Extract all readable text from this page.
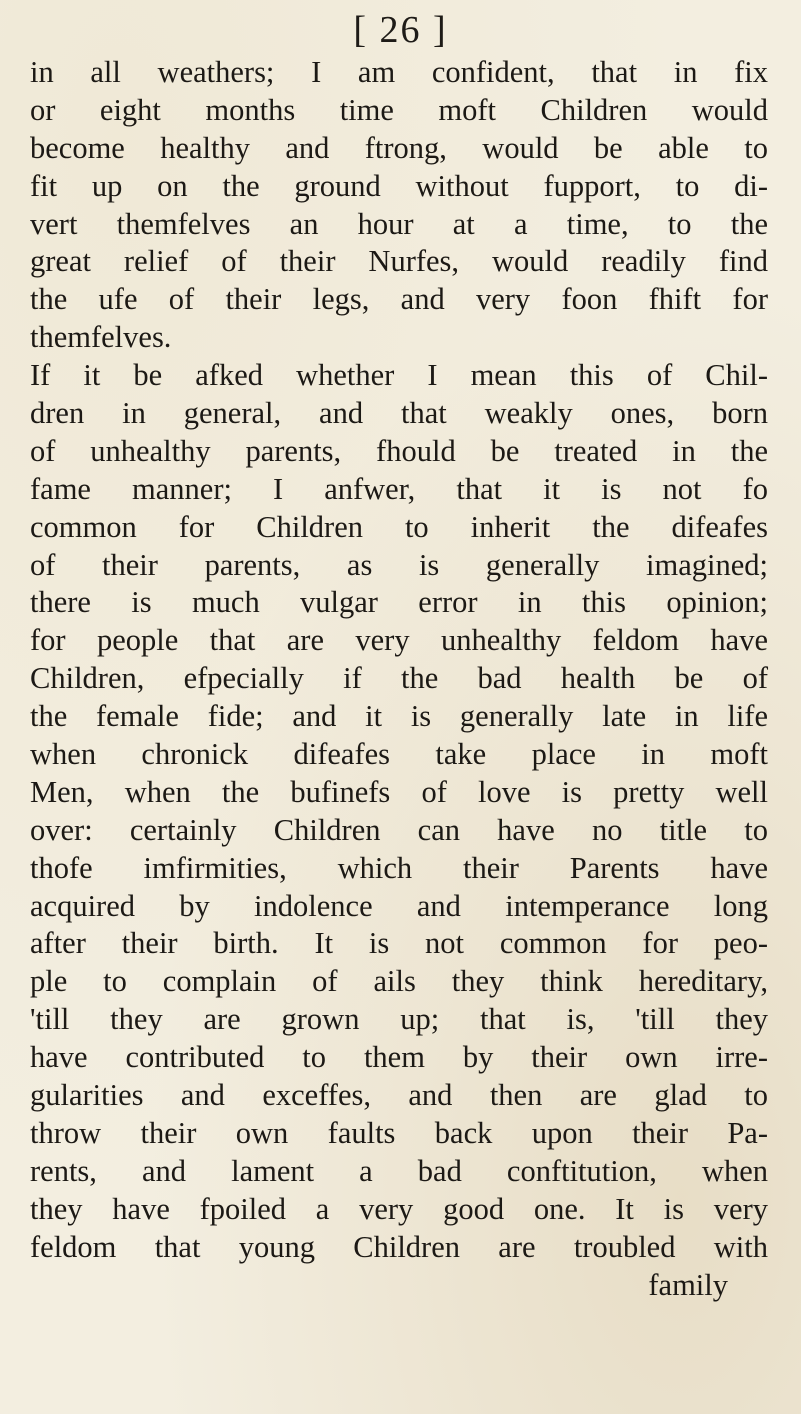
[ 26 ]
in all weathers; I am confident, that in fix
or eight months time moft Children would
become healthy and ftrong, would be able to
fit up on the ground without fupport, to di-
vert themfelves an hour at a time, to the
great relief of their Nurfes, would readily find
the ufe of their legs, and very foon fhift for
themfelves.
If it be afked whether I mean this of Chil-
dren in general, and that weakly ones, born
of unhealthy parents, fhould be treated in the
fame manner; I anfwer, that it is not fo
common for Children to inherit the difeafes
of their parents, as is generally imagined;
there is much vulgar error in this opinion;
for people that are very unhealthy feldom have
Children, efpecially if the bad health be of
the female fide; and it is generally late in life
when chronick difeafes take place in moft
Men, when the bufinefs of love is pretty well
over: certainly Children can have no title to
thofe imfirmities, which their Parents have
acquired by indolence and intemperance long
after their birth. It is not common for peo-
ple to complain of ails they think hereditary,
'till they are grown up; that is, 'till they
have contributed to them by their own irre-
gularities and exceffes, and then are glad to
throw their own faults back upon their Pa-
rents, and lament a bad conftitution, when
they have fpoiled a very good one. It is very
feldom that young Children are troubled with
family
